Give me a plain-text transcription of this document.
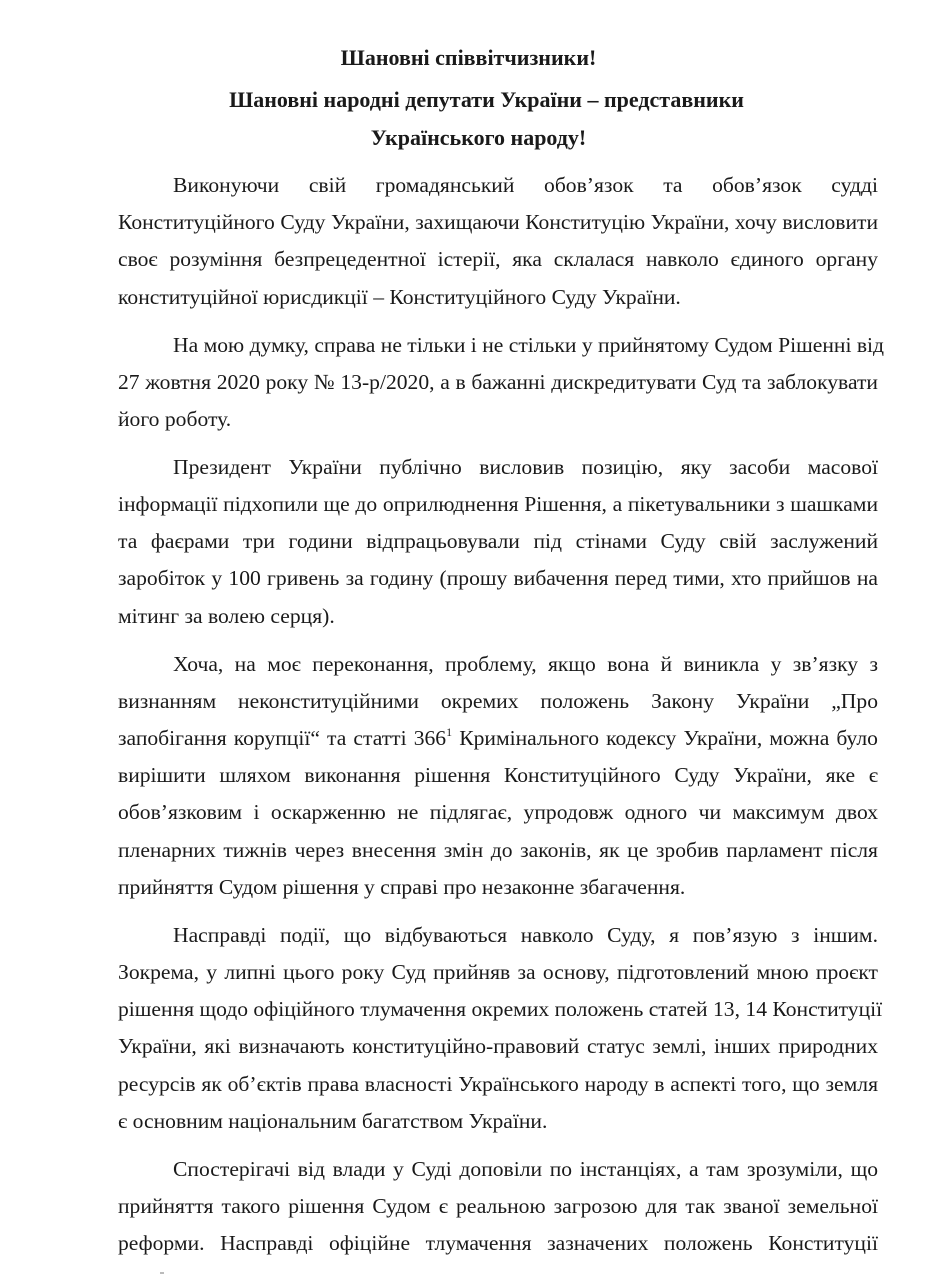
Шановні співвітчизники!
Шановні народні депутати України – представники
Українського народу!
Виконуючи свій громадянський обов’язок та обов’язок судді
Конституційного Суду України, захищаючи Конституцію України, хочу висловити
своє розуміння безпрецедентної істерії, яка склалася навколо єдиного органу
конституційної юрисдикції – Конституційного Суду України.
На мою думку, справа не тільки і не стільки у прийнятому Судом Рішенні від
27 жовтня 2020 року № 13-р/2020, а в бажанні дискредитувати Суд та заблокувати
його роботу.
Президент України публічно висловив позицію, яку засоби масової
інформації підхопили ще до оприлюднення Рішення, а пікетувальники з шашками
та фаєрами три години відпрацьовували під стінами Суду свій заслужений
заробіток у 100 гривень за годину (прошу вибачення перед тими, хто прийшов на
мітинг за волею серця).
Хоча, на моє переконання, проблему, якщо вона й виникла у зв’язку з
визнанням неконституційними окремих положень Закону України „Про
запобігання корупції“ та статті 366$^1$ Кримінального кодексу України, можна було
вирішити шляхом виконання рішення Конституційного Суду України, яке є
обов’язковим і оскарженню не підлягає, упродовж одного чи максимум двох
пленарних тижнів через внесення змін до законів, як це зробив парламент після
прийняття Судом рішення у справі про незаконне збагачення.
Насправді події, що відбуваються навколо Суду, я пов’язую з іншим.
Зокрема, у липні цього року Суд прийняв за основу, підготовлений мною проєкт
рішення щодо офіційного тлумачення окремих положень статей 13, 14 Конституції
України, які визначають конституційно-правовий статус землі, інших природних
ресурсів як об’єктів права власності Українського народу в аспекті того, що земля
є основним національним багатством України.
Спостерігачі від влади у Суді доповіли по інстанціях, а там зрозуміли, що
прийняття такого рішення Судом є реальною загрозою для так званої земельної
реформи. Насправді офіційне тлумачення зазначених положень Конституції
